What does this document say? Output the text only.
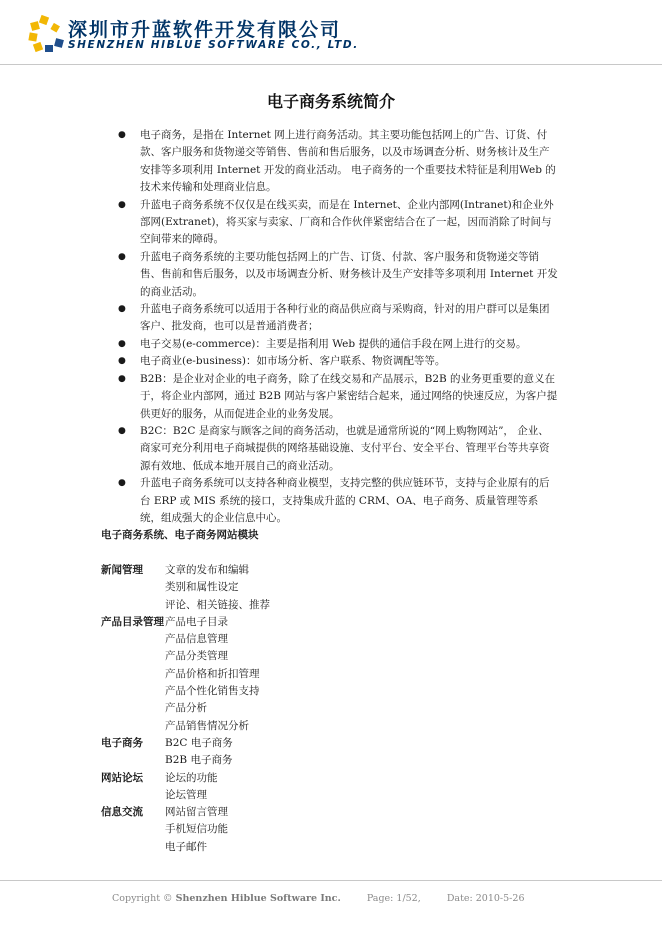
深圳市升蓝软件开发有限公司
SHENZHEN HIBLUE SOFTWARE CO., LTD.
电子商务系统简介
● 电子商务，是指在 Internet 网上进行商务活动。其主要功能包括网上的广告、订货、付款、客户服务和货物递交等销售、售前和售后服务，以及市场调查分析、财务核计及生产安排等多项利用 Internet 开发的商业活动。 电子商务的一个重要技术特征是利用Web 的技术来传输和处理商业信息。
● 升蓝电子商务系统不仅仅是在线买卖，而是在 Internet、企业内部网(Intranet)和企业外部网(Extranet)，将买家与卖家、厂商和合作伙伴紧密结合在了一起，因而消除了时间与空间带来的障碍。
● 升蓝电子商务系统的主要功能包括网上的广告、订货、付款、客户服务和货物递交等销售、售前和售后服务，以及市场调查分析、财务核计及生产安排等多项利用 Internet 开发的商业活动。
● 升蓝电子商务系统可以适用于各种行业的商品供应商与采购商，针对的用户群可以是集团客户、批发商，也可以是普通消费者；
● 电子交易(e-commerce)：主要是指利用 Web 提供的通信手段在网上进行的交易。
● 电子商业(e-business)：如市场分析、客户联系、物资调配等等。
● B2B：是企业对企业的电子商务，除了在线交易和产品展示，B2B 的业务更重要的意义在于，将企业内部网，通过 B2B 网站与客户紧密结合起来，通过网络的快速反应，为客户提供更好的服务，从而促进企业的业务发展。
● B2C：B2C 是商家与顾客之间的商务活动，也就是通常所说的“网上购物网站”， 企业、商家可充分利用电子商城提供的网络基础设施、支付平台、安全平台、管理平台等共享资源有效地、低成本地开展自己的商业活动。
● 升蓝电子商务系统可以支持各种商业模型，支持完整的供应链环节，支持与企业原有的后台 ERP 或 MIS 系统的接口，支持集成升蓝的 CRM、OA、电子商务、质量管理等系统，组成强大的企业信息中心。
电子商务系统、电子商务网站模块
新闻管理	文章的发布和编辑
类别和属性设定
评论、相关链接、推荐
产品目录管理 产品电子目录
产品信息管理
产品分类管理
产品价格和折扣管理
产品个性化销售支持
产品分析
产品销售情况分析
电子商务	B2C 电子商务
B2B 电子商务
网站论坛	论坛的功能
论坛管理
信息交流	网站留言管理
手机短信功能
电子邮件
Copyright © Shenzhen Hiblue Software Inc.	Page: 1/52,	Date: 2010-5-26
